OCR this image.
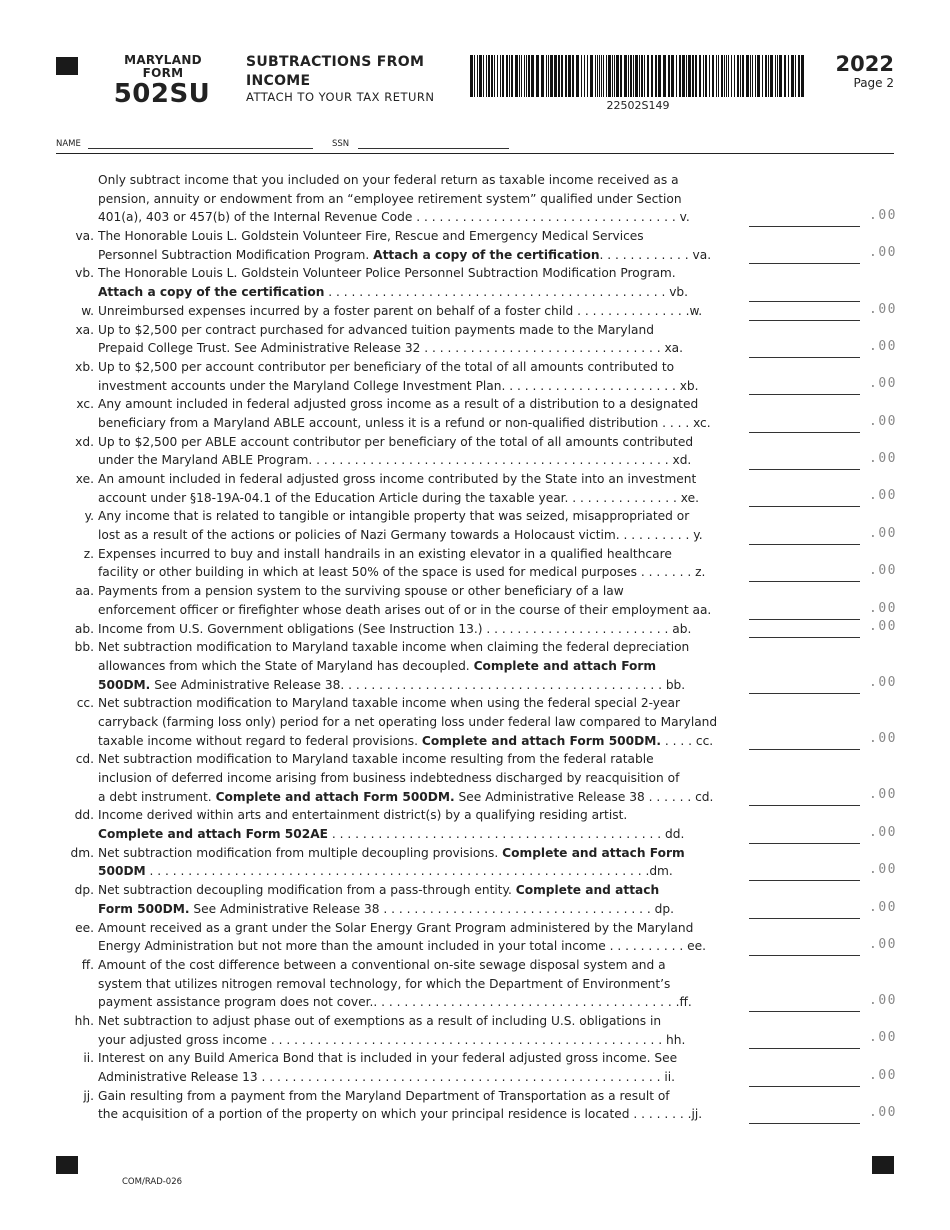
MARYLAND FORM
502SU
SUBTRACTIONS FROM INCOME
ATTACH TO YOUR TAX RETURN
22502S149
2022
Page 2
NAME	SSN
Only subtract income that you included on your federal return as taxable income received as a
pension, annuity or endowment from an “employee retirement system” qualified under Section
401(a), 403 or 457(b) of the Internal Revenue Code . . . . . . . . . . . . . . . . . . . . . . . . . . . . . . . . . . v.	.00
va. The Honorable Louis L. Goldstein Volunteer Fire, Rescue and Emergency Medical Services
Personnel Subtraction Modification Program. Attach a copy of the certification. . . . . . . . . . . . va.	.00
vb. The Honorable Louis L. Goldstein Volunteer Police Personnel Subtraction Modification Program.
Attach a copy of the certification . . . . . . . . . . . . . . . . . . . . . . . . . . . . . . . . . . . . . . . . . . . . vb.
w. Unreimbursed expenses incurred by a foster parent on behalf of a foster child . . . . . . . . . . . . . . .w.	.00
xa. Up to $2,500 per contract purchased for advanced tuition payments made to the Maryland
Prepaid College Trust. See Administrative Release 32 . . . . . . . . . . . . . . . . . . . . . . . . . . . . . . . xa.	.00
xb. Up to $2,500 per account contributor per beneficiary of the total of all amounts contributed to
investment accounts under the Maryland College Investment Plan. . . . . . . . . . . . . . . . . . . . . . . xb.	.00
xc. Any amount included in federal adjusted gross income as a result of a distribution to a designated
beneficiary from a Maryland ABLE account, unless it is a refund or non-qualified distribution . . . . xc.	.00
xd. Up to $2,500 per ABLE account contributor per beneficiary of the total of all amounts contributed
under the Maryland ABLE Program. . . . . . . . . . . . . . . . . . . . . . . . . . . . . . . . . . . . . . . . . . . . . . . xd.	.00
xe. An amount included in federal adjusted gross income contributed by the State into an investment
account under §18-19A-04.1 of the Education Article during the taxable year. . . . . . . . . . . . . . . xe.	.00
y. Any income that is related to tangible or intangible property that was seized, misappropriated or
lost as a result of the actions or policies of Nazi Germany towards a Holocaust victim. . . . . . . . . . y.	.00
z. Expenses incurred to buy and install handrails in an existing elevator in a qualified healthcare
facility or other building in which at least 50% of the space is used for medical purposes . . . . . . . z.	.00
aa. Payments from a pension system to the surviving spouse or other beneficiary of a law
enforcement officer or firefighter whose death arises out of or in the course of their employment aa.	.00
ab. Income from U.S. Government obligations (See Instruction 13.) . . . . . . . . . . . . . . . . . . . . . . . . ab.	.00
bb. Net subtraction modification to Maryland taxable income when claiming the federal depreciation
allowances from which the State of Maryland has decoupled. Complete and attach Form
500DM. See Administrative Release 38. . . . . . . . . . . . . . . . . . . . . . . . . . . . . . . . . . . . . . . . . . bb.	.00
cc. Net subtraction modification to Maryland taxable income when using the federal special 2-year
carryback (farming loss only) period for a net operating loss under federal law compared to Maryland
taxable income without regard to federal provisions. Complete and attach Form 500DM. . . . . cc.	.00
cd. Net subtraction modification to Maryland taxable income resulting from the federal ratable
inclusion of deferred income arising from business indebtedness discharged by reacquisition of
a debt instrument. Complete and attach Form 500DM. See Administrative Release 38 . . . . . . cd.	.00
dd. Income derived within arts and entertainment district(s) by a qualifying residing artist.
Complete and attach Form 502AE . . . . . . . . . . . . . . . . . . . . . . . . . . . . . . . . . . . . . . . . . . . dd.	.00
dm. Net subtraction modification from multiple decoupling provisions. Complete and attach Form
500DM . . . . . . . . . . . . . . . . . . . . . . . . . . . . . . . . . . . . . . . . . . . . . . . . . . . . . . . . . . . . . . . . .dm.	.00
dp. Net subtraction decoupling modification from a pass-through entity. Complete and attach
Form 500DM. See Administrative Release 38 . . . . . . . . . . . . . . . . . . . . . . . . . . . . . . . . . . . dp.	.00
ee. Amount received as a grant under the Solar Energy Grant Program administered by the Maryland
Energy Administration but not more than the amount included in your total income . . . . . . . . . . ee.	.00
ff. Amount of the cost difference between a conventional on-site sewage disposal system and a
system that utilizes nitrogen removal technology, for which the Department of Environment’s
payment assistance program does not cover.. . . . . . . . . . . . . . . . . . . . . . . . . . . . . . . . . . . . . . . .ff.	.00
hh. Net subtraction to adjust phase out of exemptions as a result of including U.S. obligations in
your adjusted gross income . . . . . . . . . . . . . . . . . . . . . . . . . . . . . . . . . . . . . . . . . . . . . . . . . . . hh.	.00
ii. Interest on any Build America Bond that is included in your federal adjusted gross income. See
Administrative Release 13 . . . . . . . . . . . . . . . . . . . . . . . . . . . . . . . . . . . . . . . . . . . . . . . . . . . . ii.	.00
jj. Gain resulting from a payment from the Maryland Department of Transportation as a result of
the acquisition of a portion of the property on which your principal residence is located . . . . . . . .jj.	.00
COM/RAD-026
